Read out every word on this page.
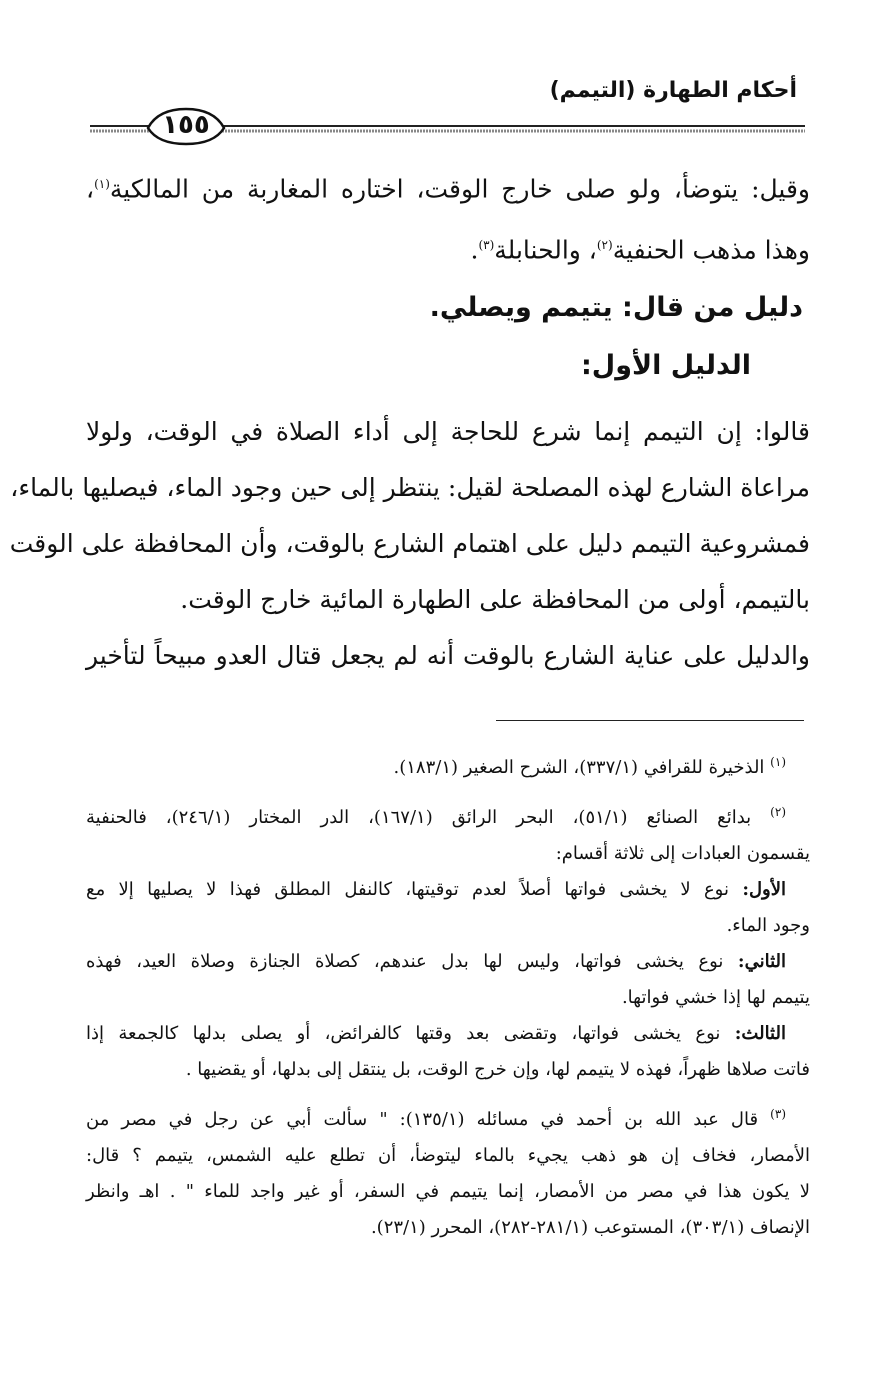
أحكام الطهارة (التيمم)
١٥٥
وقيل: يتوضأ، ولو صلى خارج الوقت، اختاره المغاربة من المالكية$^{(١)}$،
وهذا مذهب الحنفية$^{(٢)}$، والحنابلة$^{(٣)}$.
دليل من قال: يتيمم ويصلي.
الدليل الأول:
قالوا: إن التيمم إنما شرع للحاجة إلى أداء الصلاة في الوقت، ولولا
مراعاة الشارع لهذه المصلحة لقيل: ينتظر إلى حين وجود الماء، فيصليها بالماء،
فمشروعية التيمم دليل على اهتمام الشارع بالوقت، وأن المحافظة على الوقت
بالتيمم، أولى من المحافظة على الطهارة المائية خارج الوقت.
والدليل على عناية الشارع بالوقت أنه لم يجعل قتال العدو مبيحاً لتأخير
$^{(١)}$ الذخيرة للقرافي (٣٣٧/١)، الشرح الصغير (١٨٣/١).
$^{(٢)}$ بدائع الصنائع (٥١/١)، البحر الرائق (١٦٧/١)، الدر المختار (٢٤٦/١)، فالحنفية
يقسمون العبادات إلى ثلاثة أقسام:
الأول: نوع لا يخشى فواتها أصلاً لعدم توقيتها، كالنفل المطلق فهذا لا يصليها إلا مع
وجود الماء.
الثاني: نوع يخشى فواتها، وليس لها بدل عندهم، كصلاة الجنازة وصلاة العيد، فهذه
يتيمم لها إذا خشي فواتها.
الثالث: نوع يخشى فواتها، وتقضى بعد وقتها كالفرائض، أو يصلى بدلها كالجمعة إذا
فاتت صلاها ظهراً، فهذه لا يتيمم لها، وإن خرج الوقت، بل ينتقل إلى بدلها، أو يقضيها .
$^{(٣)}$ قال عبد الله بن أحمد في مسائله (١٣٥/١): " سألت أبي عن رجل في مصر من
الأمصار، فخاف إن هو ذهب يجيء بالماء ليتوضأ، أن تطلع عليه الشمس، يتيمم ؟ قال:
لا يكون هذا في مصر من الأمصار، إنما يتيمم في السفر، أو غير واجد للماء " . اهـ وانظر
الإنصاف (٣٠٣/١)، المستوعب (٢٨١/١-٢٨٢)، المحرر (٢٣/١).
